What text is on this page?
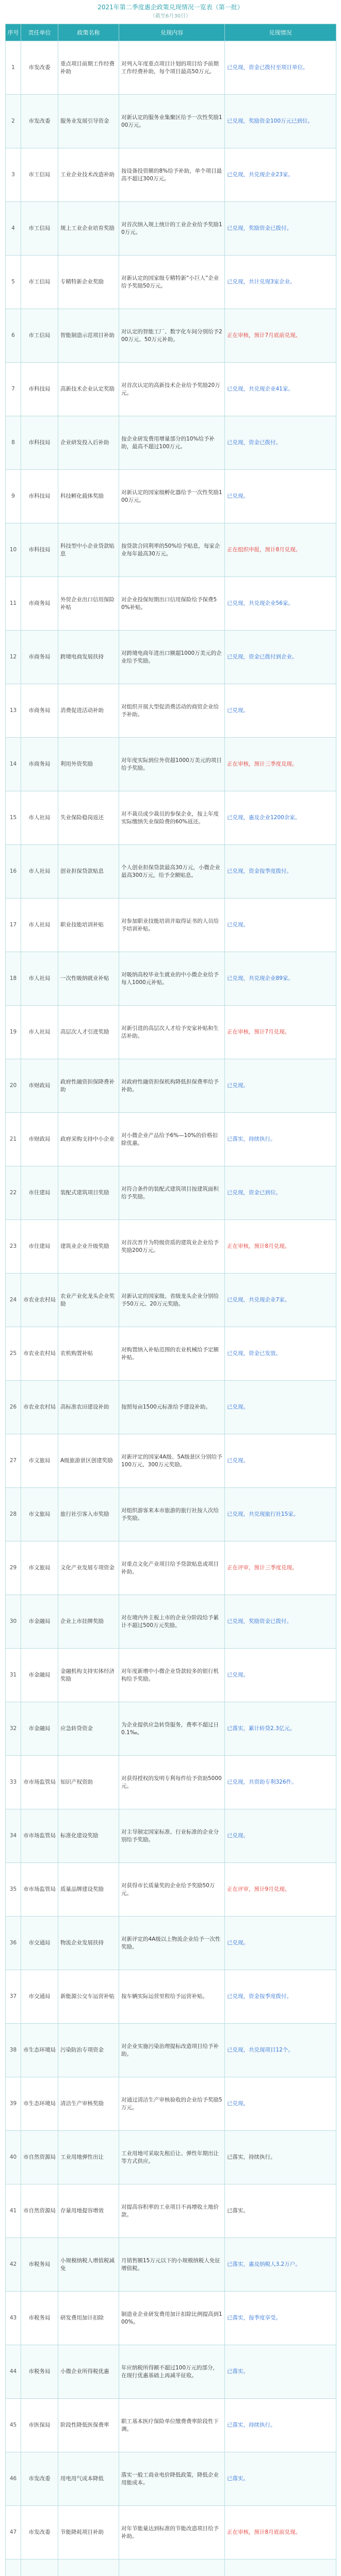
2021年第二季度惠企政策兑现情况一览表（第一批）
（截至6月30日）
序号	责任单位	政策名称	兑现内容	兑现情况
1	市发改委	重点项目前期工作经费补助	对列入年度重点项目计划的项目给予前期工作经费补助，每个项目最高50万元。	已兑现，资金已拨付至项目单位。
2	市发改委	服务业发展引导资金	对新认定的服务业集聚区给予一次性奖励100万元。	已兑现，奖励资金100万元已到位。
3	市工信局	工业企业技术改造补助	按设备投资额的8%给予补助，单个项目最高不超过300万元。	已兑现，共兑现企业23家。
4	市工信局	规上工业企业培育奖励	对首次纳入规上统计的工业企业给予奖励10万元。	已兑现，奖励资金已拨付。
5	市工信局	专精特新企业奖励	对新认定的国家级专精特新“小巨人”企业给予奖励50万元。	已兑现，共计兑现3家企业。
6	市工信局	智能制造示范项目补助	对认定的智能工厂、数字化车间分别给予200万元、50万元补助。	正在审核，预计7月底前兑现。
7	市科技局	高新技术企业认定奖励	对首次认定的高新技术企业给予奖励20万元。	已兑现，共兑现企业41家。
8	市科技局	企业研发投入后补助	按企业研发费用增量部分的10%给予补助，最高不超过100万元。	已兑现，资金已拨付。
9	市科技局	科技孵化载体奖励	对新认定的国家级孵化器给予一次性奖励100万元。	已兑现。
10	市科技局	科技型中小企业贷款贴息	按贷款合同利率的50%给予贴息，每家企业每年最高30万元。	正在组织申报，预计8月兑现。
11	市商务局	外贸企业出口信用保险补贴	对企业投保短期出口信用保险给予保费50%补贴。	已兑现，共兑现企业56家。
12	市商务局	跨境电商发展扶持	对跨境电商年进出口额超1000万美元的企业给予奖励。	已兑现，资金已拨付到企业。
13	市商务局	消费促进活动补助	对组织开展大型促消费活动的商贸企业给予补助。	已兑现。
14	市商务局	利用外资奖励	对年度实际到位外资超1000万美元的项目给予奖励。	正在审核，预计三季度兑现。
15	市人社局	失业保险稳岗返还	对不裁员或少裁员的参保企业，按上年度实际缴纳失业保险费的60%返还。	已兑现，惠及企业1200余家。
16	市人社局	创业担保贷款贴息	个人创业担保贷款最高30万元，小微企业最高300万元，给予全额贴息。	已兑现，资金按季度拨付。
17	市人社局	职业技能培训补贴	对参加职业技能培训并取得证书的人员给予培训补贴。	已兑现。
18	市人社局	一次性吸纳就业补贴	对吸纳高校毕业生就业的中小微企业给予每人1000元补贴。	已兑现，共兑现企业89家。
19	市人社局	高层次人才引进奖励	对新引进的高层次人才给予安家补贴和生活补助。	正在审核，预计7月兑现。
20	市财政局	政府性融资担保降费补助	对政府性融资担保机构降低担保费率给予补助。	已兑现。
21	市财政局	政府采购支持中小企业	对小微企业产品给予6%—10%的价格扣除优惠。	已落实，持续执行。
22	市住建局	装配式建筑项目奖励	对符合条件的装配式建筑项目按建筑面积给予奖励。	已兑现，资金已到位。
23	市住建局	建筑业企业升级奖励	对首次晋升为特级资质的建筑业企业给予奖励200万元。	正在审核，预计8月兑现。
24	市农业农村局	农业产业化龙头企业奖励	对新认定的国家级、省级龙头企业分别给予50万元、20万元奖励。	已兑现，共兑现企业7家。
25	市农业农村局	农机购置补贴	对购置纳入补贴范围的农业机械给予定额补贴。	已兑现，资金已发放。
26	市农业农村局	高标准农田建设补助	按照每亩1500元标准给予建设补助。	已兑现。
27	市文旅局	A级旅游景区创建奖励	对新评定的国家4A级、5A级景区分别给予100万元、300万元奖励。	已兑现。
28	市文旅局	旅行社引客入市奖励	对组织游客来本市旅游的旅行社按人次给予奖励。	已兑现，共兑现旅行社15家。
29	市文旅局	文化产业发展专项资金	对重点文化产业项目给予贷款贴息或项目补助。	正在评审，预计三季度兑现。
30	市金融局	企业上市挂牌奖励	对在境内外主板上市的企业分阶段给予累计不超过500万元奖励。	已兑现，奖励资金已拨付。
31	市金融局	金融机构支持实体经济奖励	对年度新增中小微企业贷款较多的银行机构给予奖励。	已兑现。
32	市金融局	应急转贷资金	为企业提供应急转贷服务，费率不超过日0.1‰。	已落实，累计转贷2.3亿元。
33	市市场监管局	知识产权资助	对获得授权的发明专利每件给予资助5000元。	已兑现，共资助专利326件。
34	市市场监管局	标准化建设奖励	对主导制定国家标准、行业标准的企业分别给予奖励。	已兑现。
35	市市场监管局	质量品牌建设奖励	对获得市长质量奖的企业给予奖励50万元。	正在评审，预计9月兑现。
36	市交通局	物流企业发展扶持	对新评定的4A级以上物流企业给予一次性奖励。	已兑现。
37	市交通局	新能源公交车运营补贴	按车辆实际运营里程给予运营补贴。	已兑现，资金按季度拨付。
38	市生态环境局	污染防治专项资金	对企业实施污染治理提标改造项目给予补助。	已兑现，共兑现项目12个。
39	市生态环境局	清洁生产审核奖励	对通过清洁生产审核验收的企业给予奖励5万元。	已兑现。
40	市自然资源局	工业用地弹性出让	工业用地可采取先租后让、弹性年期出让等方式供应。	已落实，持续执行。
41	市自然资源局	存量用地提容增效	对提高容积率的工业项目不再增收土地价款。	已落实。
42	市税务局	小规模纳税人增值税减免	月销售额15万元以下的小规模纳税人免征增值税。	已落实，惠及纳税人3.2万户。
43	市税务局	研发费用加计扣除	制造业企业研发费用加计扣除比例提高到100%。	已落实，按季度享受。
44	市税务局	小微企业所得税优惠	年应纳税所得额不超过100万元的部分，在现行优惠基础上再减半征收。	已落实。
45	市医保局	阶段性降低医保费率	职工基本医疗保险单位缴费费率阶段性下调。	已落实，持续执行。
46	市发改委	用电用气成本降低	落实一般工商业电价降低政策，降低企业用能成本。	已落实。
47	市发改委	节能降耗项目补助	对年节能量达到标准的节能改造项目给予补助。	正在审核，预计8月底前兑现。
